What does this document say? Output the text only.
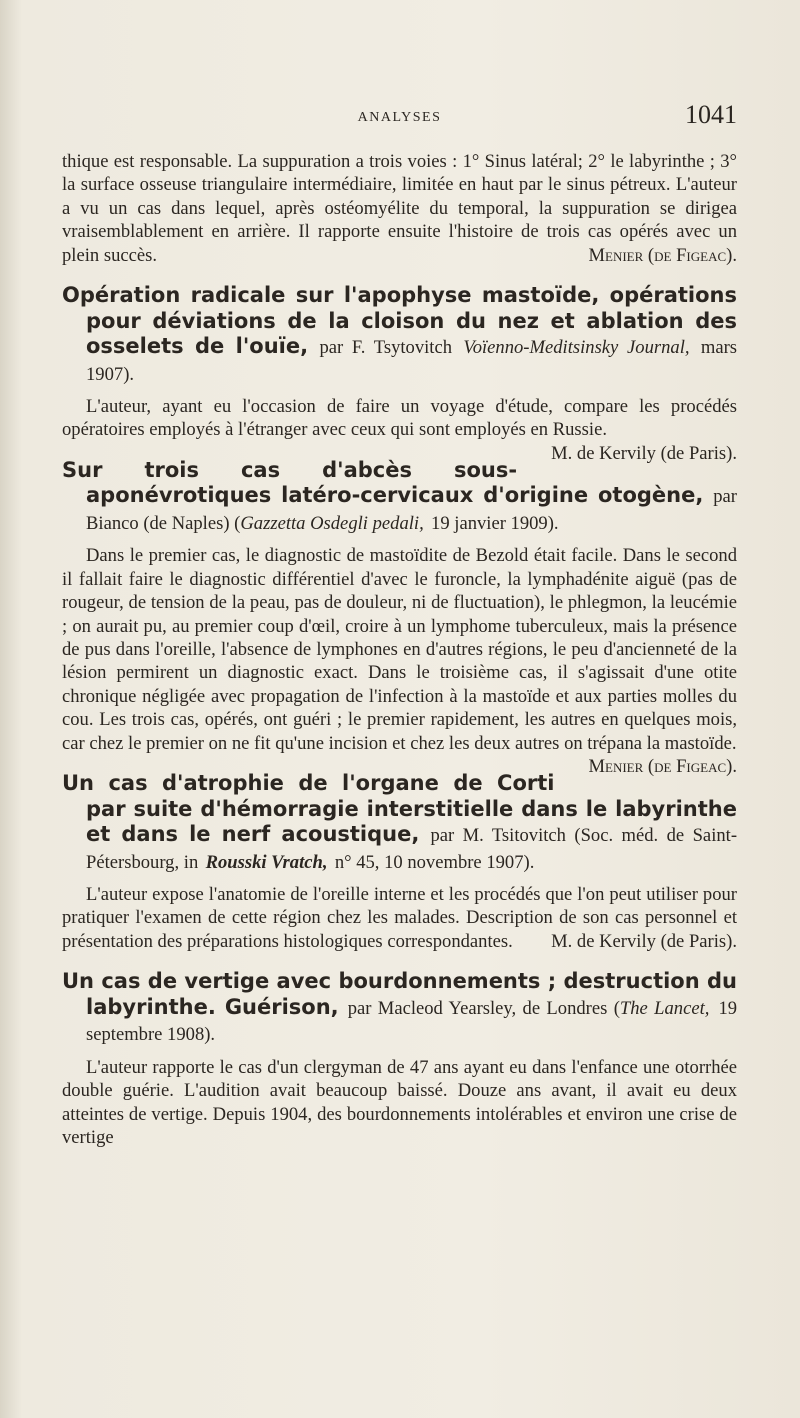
ANALYSES	1041

thique est responsable. La suppuration a trois voies : 1° Sinus latéral; 2° le labyrinthe ; 3° la surface osseuse triangulaire intermédiaire, limitée en haut par le sinus pétreux. L'auteur a vu un cas dans lequel, après ostéomyélite du temporal, la suppuration se dirigea vraisemblablement en arrière. Il rapporte ensuite l'histoire de trois cas opérés avec un plein succès.	Menier (de Figeac).

Opération radicale sur l'apophyse mastoïde, opérations pour déviations de la cloison du nez et ablation des osselets de l'ouïe, par F. Tsytovitch Voïenno-Meditsinsky Journal, mars 1907).

L'auteur, ayant eu l'occasion de faire un voyage d'étude, compare les procédés opératoires employés à l'étranger avec ceux qui sont employés en Russie.
M. de Kervily (de Paris).

Sur trois cas d'abcès sous-aponévrotiques latéro-cervicaux d'origine otogène, par Bianco (de Naples) (Gazzetta Osdegli pedali, 19 janvier 1909).

Dans le premier cas, le diagnostic de mastoïdite de Bezold était facile. Dans le second il fallait faire le diagnostic différentiel d'avec le furoncle, la lymphadénite aiguë (pas de rougeur, de tension de la peau, pas de douleur, ni de fluctuation), le phlegmon, la leucémie ; on aurait pu, au premier coup d'œil, croire à un lymphome tuberculeux, mais la présence de pus dans l'oreille, l'absence de lymphones en d'autres régions, le peu d'ancienneté de la lésion permirent un diagnostic exact. Dans le troisième cas, il s'agissait d'une otite chronique négligée avec propagation de l'infection à la mastoïde et aux parties molles du cou. Les trois cas, opérés, ont guéri ; le premier rapidement, les autres en quelques mois, car chez le premier on ne fit qu'une incision et chez les deux autres on trépana la mastoïde.
Menier (de Figeac).

Un cas d'atrophie de l'organe de Corti par suite d'hémorragie interstitielle dans le labyrinthe et dans le nerf acoustique, par M. Tsitovitch (Soc. méd. de Saint-Pétersbourg, in Rousski Vratch, n° 45, 10 novembre 1907).

L'auteur expose l'anatomie de l'oreille interne et les procédés que l'on peut utiliser pour pratiquer l'examen de cette région chez les malades. Description de son cas personnel et présentation des préparations histologiques correspondantes.	M. de Kervily (de Paris).

Un cas de vertige avec bourdonnements ; destruction du labyrinthe. Guérison, par Macleod Yearsley, de Londres (The Lancet, 19 septembre 1908).

L'auteur rapporte le cas d'un clergyman de 47 ans ayant eu dans l'enfance une otorrhée double guérie. L'audition avait beaucoup baissé. Douze ans avant, il avait eu deux atteintes de vertige. Depuis 1904, des bourdonnements intolérables et environ une crise de vertige
